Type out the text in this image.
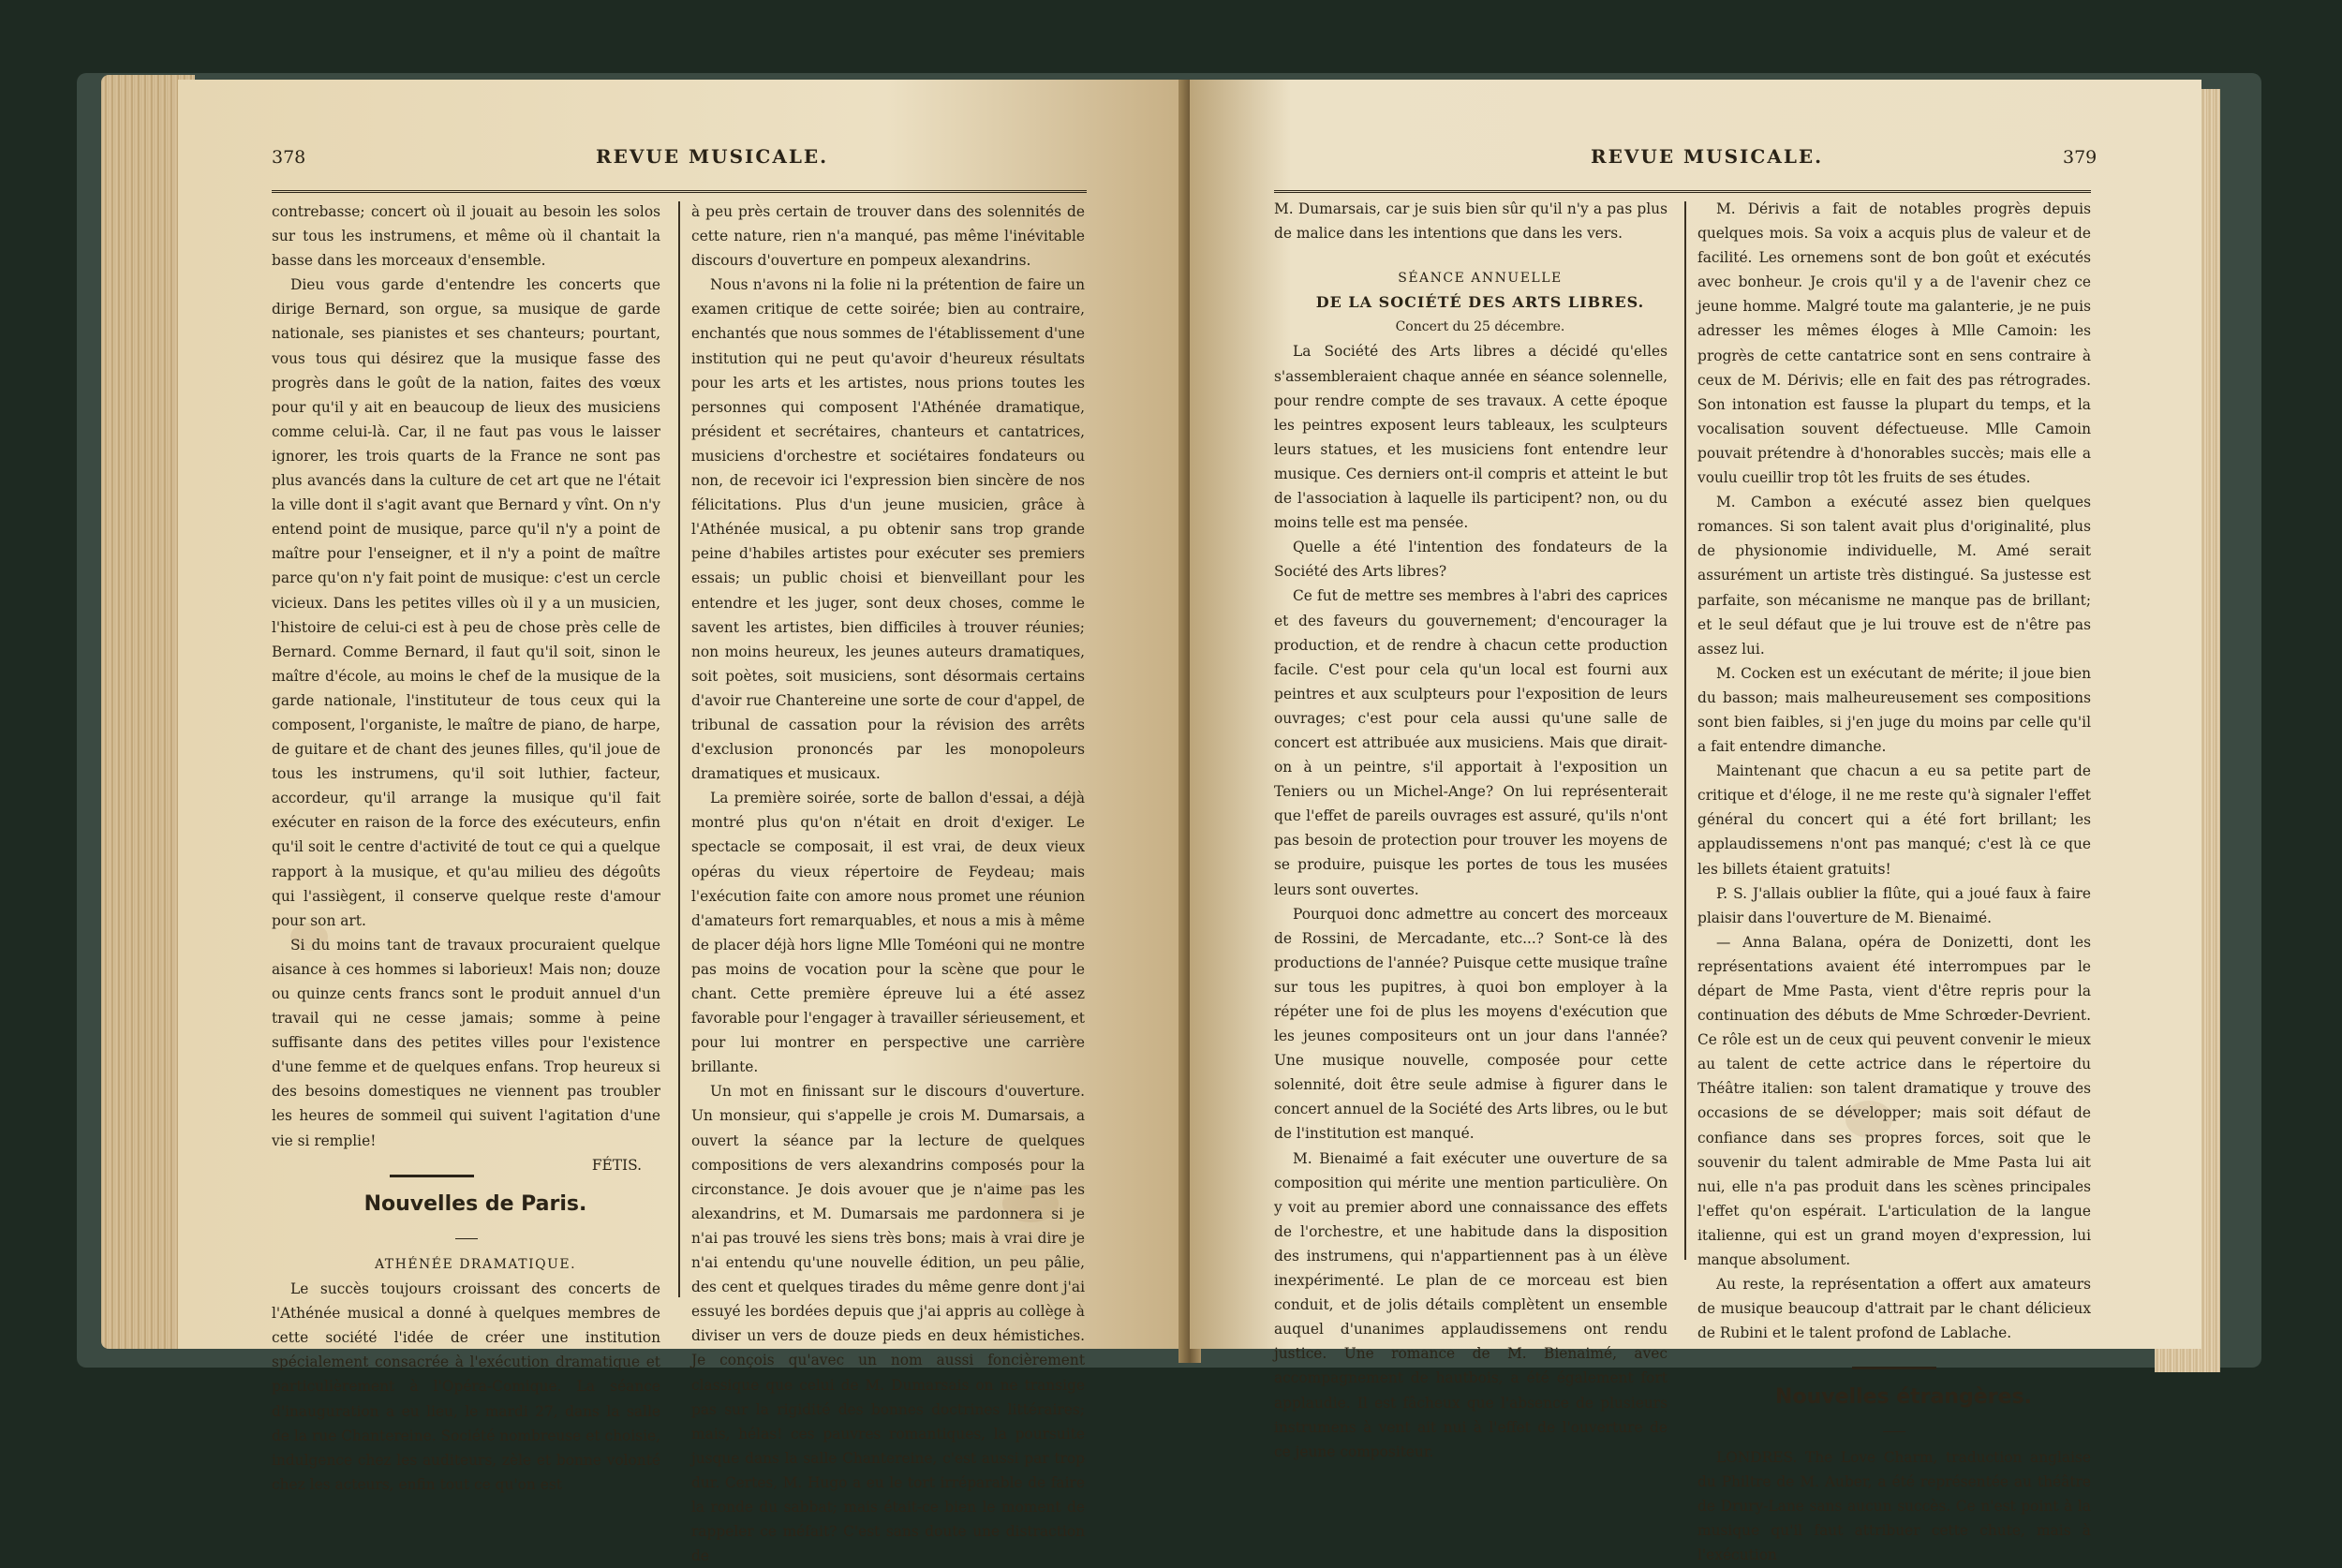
378	REVUE MUSICALE.

contrebasse; concert où il jouait au besoin les solos sur tous les instrumens, et même où il chantait la basse dans les morceaux d'ensemble.

Dieu vous garde d'entendre les concerts que dirige Bernard, son orgue, sa musique de garde nationale, ses pianistes et ses chanteurs; pourtant, vous tous qui désirez que la musique fasse des progrès dans le goût de la nation, faites des vœux pour qu'il y ait en beaucoup de lieux des musiciens comme celui-là. Car, il ne faut pas vous le laisser ignorer, les trois quarts de la France ne sont pas plus avancés dans la culture de cet art que ne l'était la ville dont il s'agit avant que Bernard y vînt. On n'y entend point de musique, parce qu'il n'y a point de maître pour l'enseigner, et il n'y a point de maître parce qu'on n'y fait point de musique: c'est un cercle vicieux. Dans les petites villes où il y a un musicien, l'histoire de celui-ci est à peu de chose près celle de Bernard. Comme Bernard, il faut qu'il soit, sinon le maître d'école, au moins le chef de la musique de la garde nationale, l'instituteur de tous ceux qui la composent, l'organiste, le maître de piano, de harpe, de guitare et de chant des jeunes filles, qu'il joue de tous les instrumens, qu'il soit luthier, facteur, accordeur, qu'il arrange la musique qu'il fait exécuter en raison de la force des exécuteurs, enfin qu'il soit le centre d'activité de tout ce qui a quelque rapport à la musique, et qu'au milieu des dégoûts qui l'assiègent, il conserve quelque reste d'amour pour son art.

Si du moins tant de travaux procuraient quelque aisance à ces hommes si laborieux! Mais non; douze ou quinze cents francs sont le produit annuel d'un travail qui ne cesse jamais; somme à peine suffisante dans des petites villes pour l'existence d'une femme et de quelques enfans. Trop heureux si des besoins domestiques ne viennent pas troubler les heures de sommeil qui suivent l'agitation d'une vie si remplie!

FÉTIS.

Nouvelles de Paris.

ATHÉNÉE DRAMATIQUE.

Le succès toujours croissant des concerts de l'Athénée musical a donné à quelques membres de cette société l'idée de créer une institution spécialement consacrée à l'exécution dramatique et particulièrement à l'Opéra-Comique. La séance d'inauguration a eu lieu, le mardi 27, dans la salle de la rue Chantereine. Société nombreuse et choisie, indulgence chez les auditeurs, zèle et bonne volonté chez les acteurs, enfin tout ce qu'on est

à peu près certain de trouver dans des solennités de cette nature, rien n'a manqué, pas même l'inévitable discours d'ouverture en pompeux alexandrins.

Nous n'avons ni la folie ni la prétention de faire un examen critique de cette soirée; bien au contraire, enchantés que nous sommes de l'établissement d'une institution qui ne peut qu'avoir d'heureux résultats pour les arts et les artistes, nous prions toutes les personnes qui composent l'Athénée dramatique, président et secrétaires, chanteurs et cantatrices, musiciens d'orchestre et sociétaires fondateurs ou non, de recevoir ici l'expression bien sincère de nos félicitations. Plus d'un jeune musicien, grâce à l'Athénée musical, a pu obtenir sans trop grande peine d'habiles artistes pour exécuter ses premiers essais; un public choisi et bienveillant pour les entendre et les juger, sont deux choses, comme le savent les artistes, bien difficiles à trouver réunies; non moins heureux, les jeunes auteurs dramatiques, soit poètes, soit musiciens, sont désormais certains d'avoir rue Chantereine une sorte de cour d'appel, de tribunal de cassation pour la révision des arrêts d'exclusion prononcés par les monopoleurs dramatiques et musicaux.

La première soirée, sorte de ballon d'essai, a déjà montré plus qu'on n'était en droit d'exiger. Le spectacle se composait, il est vrai, de deux vieux opéras du vieux répertoire de Feydeau; mais l'exécution faite con amore nous promet une réunion d'amateurs fort remarquables, et nous a mis à même de placer déjà hors ligne Mlle Toméoni qui ne montre pas moins de vocation pour la scène que pour le chant. Cette première épreuve lui a été assez favorable pour l'engager à travailler sérieusement, et pour lui montrer en perspective une carrière brillante.

Un mot en finissant sur le discours d'ouverture. Un monsieur, qui s'appelle je crois M. Dumarsais, a ouvert la séance par la lecture de quelques compositions de vers alexandrins composés pour la circonstance. Je dois avouer que je n'aime pas les alexandrins, et M. Dumarsais me pardonnera si je n'ai pas trouvé les siens très bons; mais à vrai dire je n'ai entendu qu'une nouvelle édition, un peu pâlie, des cent et quelques tirades du même genre dont j'ai essuyé les bordées depuis que j'ai appris au collège à diviser un vers de douze pieds en deux hémistiches. Je conçois qu'avec un nom aussi foncièrement classique que celui de M. Dumarsais on ne transige pas sur la rigidité des bonnes doctrines littéraires; mais, hélas! ces pauvres romantiques, la poursuite jusque dans la salle Chantereine, c'est aussi par trop dur. Certes, M. Hugo a eu le tort irréparable de faire la ronde du sabbat; mais était-ce bien le moment de rappeler ce méfait? C'est sans doute une distraction de

REVUE MUSICALE.	379

M. Dumarsais, car je suis bien sûr qu'il n'y a pas plus de malice dans les intentions que dans les vers.

SÉANCE ANNUELLE

DE LA SOCIÉTÉ DES ARTS LIBRES.

Concert du 25 décembre.

La Société des Arts libres a décidé qu'elles s'assembleraient chaque année en séance solennelle, pour rendre compte de ses travaux. A cette époque les peintres exposent leurs tableaux, les sculpteurs leurs statues, et les musiciens font entendre leur musique. Ces derniers ont-il compris et atteint le but de l'association à laquelle ils participent? non, ou du moins telle est ma pensée.

Quelle a été l'intention des fondateurs de la Société des Arts libres?

Ce fut de mettre ses membres à l'abri des caprices et des faveurs du gouvernement; d'encourager la production, et de rendre à chacun cette production facile. C'est pour cela qu'un local est fourni aux peintres et aux sculpteurs pour l'exposition de leurs ouvrages; c'est pour cela aussi qu'une salle de concert est attribuée aux musiciens. Mais que dirait-on à un peintre, s'il apportait à l'exposition un Teniers ou un Michel-Ange? On lui représenterait que l'effet de pareils ouvrages est assuré, qu'ils n'ont pas besoin de protection pour trouver les moyens de se produire, puisque les portes de tous les musées leurs sont ouvertes.

Pourquoi donc admettre au concert des morceaux de Rossini, de Mercadante, etc...? Sont-ce là des productions de l'année? Puisque cette musique traîne sur tous les pupitres, à quoi bon employer à la répéter une foi de plus les moyens d'exécution que les jeunes compositeurs ont un jour dans l'année? Une musique nouvelle, composée pour cette solennité, doit être seule admise à figurer dans le concert annuel de la Société des Arts libres, ou le but de l'institution est manqué.

M. Bienaimé a fait exécuter une ouverture de sa composition qui mérite une mention particulière. On y voit au premier abord une connaissance des effets de l'orchestre, et une habitude dans la disposition des instrumens, qui n'appartiennent pas à un élève inexpérimenté. Le plan de ce morceau est bien conduit, et de jolis détails complètent un ensemble auquel d'unanimes applaudissemens ont rendu justice. Une romance de M. Bienaimé, avec accompagnement de hautbois, a été également fort applaudie. Il est fâcheux que l'absence de plusieurs instrumens à vent ait nui à l'effet de l'ouverture de ce jeune compositeur.

M. Dérivis a fait de notables progrès depuis quelques mois. Sa voix a acquis plus de valeur et de facilité. Les ornemens sont de bon goût et exécutés avec bonheur. Je crois qu'il y a de l'avenir chez ce jeune homme. Malgré toute ma galanterie, je ne puis adresser les mêmes éloges à Mlle Camoin: les progrès de cette cantatrice sont en sens contraire à ceux de M. Dérivis; elle en fait des pas rétrogrades. Son intonation est fausse la plupart du temps, et la vocalisation souvent défectueuse. Mlle Camoin pouvait prétendre à d'honorables succès; mais elle a voulu cueillir trop tôt les fruits de ses études.

M. Cambon a exécuté assez bien quelques romances. Si son talent avait plus d'originalité, plus de physionomie individuelle, M. Amé serait assurément un artiste très distingué. Sa justesse est parfaite, son mécanisme ne manque pas de brillant; et le seul défaut que je lui trouve est de n'être pas assez lui.

M. Cocken est un exécutant de mérite; il joue bien du basson; mais malheureusement ses compositions sont bien faibles, si j'en juge du moins par celle qu'il a fait entendre dimanche.

Maintenant que chacun a eu sa petite part de critique et d'éloge, il ne me reste qu'à signaler l'effet général du concert qui a été fort brillant; les applaudissemens n'ont pas manqué; c'est là ce que les billets étaient gratuits!

P. S. J'allais oublier la flûte, qui a joué faux à faire plaisir dans l'ouverture de M. Bienaimé.

— Anna Balana, opéra de Donizetti, dont les représentations avaient été interrompues par le départ de Mme Pasta, vient d'être repris pour la continuation des débuts de Mme Schrœder-Devrient. Ce rôle est un de ceux qui peuvent convenir le mieux au talent de cette actrice dans le répertoire du Théâtre italien: son talent dramatique y trouve des occasions de se développer; mais soit défaut de confiance dans ses propres forces, soit que le souvenir du talent admirable de Mme Pasta lui ait nui, elle n'a pas produit dans les scènes principales l'effet qu'on espérait. L'articulation de la langue italienne, qui est un grand moyen d'expression, lui manque absolument.

Au reste, la représentation a offert aux amateurs de musique beaucoup d'attrait par le chant délicieux de Rubini et le talent profond de Lablache.

Nouvelles étrangères.

LONDRES. The Love Charm, traduction anglaise du Philtre de M. Auber, a été représentée au théâtre de Drury-Lane sans aucun succès. Ce n'est point à la musique qu'il faut attribuer cette chute, mais à l'exécution
